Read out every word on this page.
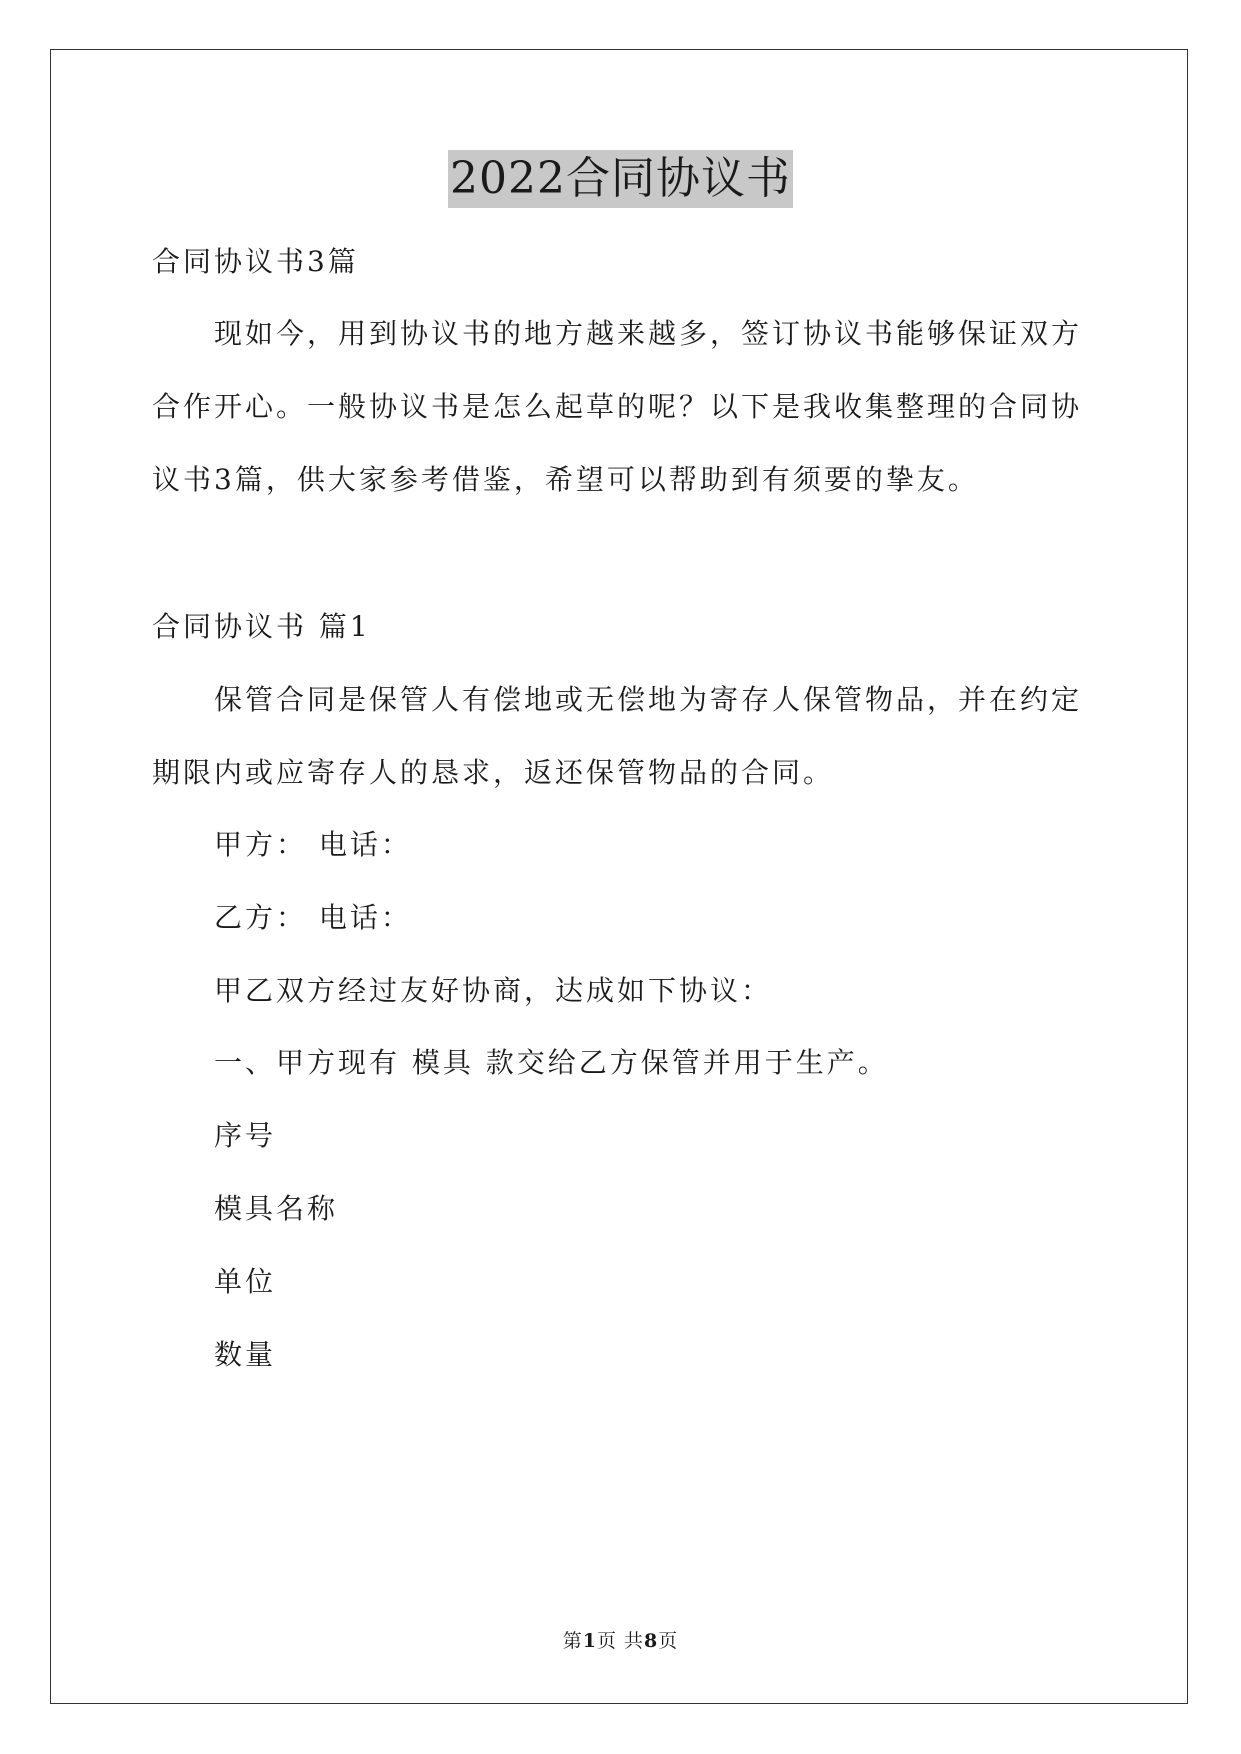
2022合同协议书

合同协议书3篇

现如今，用到协议书的地方越来越多，签订协议书能够保证双方

合作开心。一般协议书是怎么起草的呢？以下是我收集整理的合同协

议书3篇，供大家参考借鉴，希望可以帮助到有须要的挚友。

合同协议书 篇1

保管合同是保管人有偿地或无偿地为寄存人保管物品，并在约定

期限内或应寄存人的恳求，返还保管物品的合同。

甲方： 电话：

乙方： 电话：

甲乙双方经过友好协商，达成如下协议：

一、甲方现有 模具 款交给乙方保管并用于生产。

序号

模具名称

单位

数量

第1页 共8页
